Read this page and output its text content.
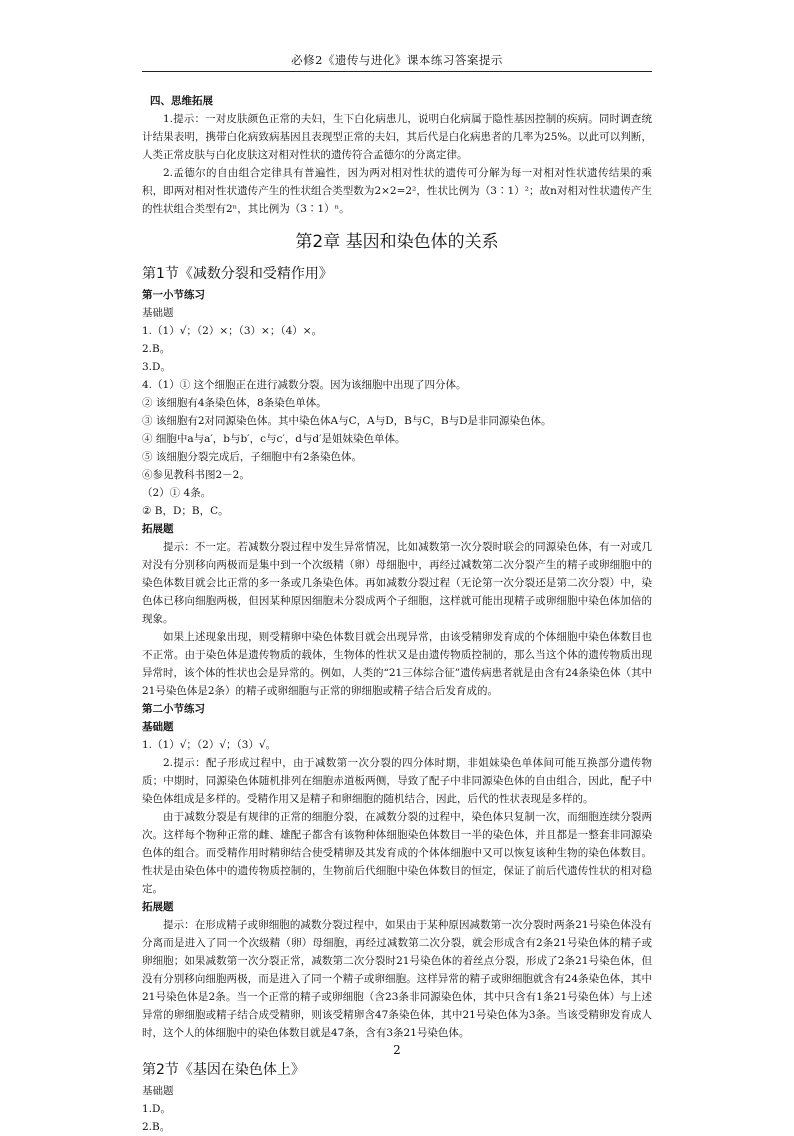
必修2《遗传与进化》课本练习答案提示

四、思维拓展

1.提示：一对皮肤颜色正常的夫妇，生下白化病患儿，说明白化病属于隐性基因控制的疾病。同时调查统计结果表明，携带白化病致病基因且表现型正常的夫妇，其后代是白化病患者的几率为25%。以此可以判断，人类正常皮肤与白化皮肤这对相对性状的遗传符合孟德尔的分离定律。

2.孟德尔的自由组合定律具有普遍性，因为两对相对性状的遗传可分解为每一对相对性状遗传结果的乘积，即两对相对性状遗传产生的性状组合类型数为2×2=2²，性状比例为（3∶1）²；故n对相对性状遗传产生的性状组合类型有2ⁿ，其比例为（3∶1）ⁿ。

第2章 基因和染色体的关系
第1节《减数分裂和受精作用》

第一小节练习

基础题

1.（1）√；（2）×；（3）×；（4）×。

2.B。

3.D。

4.（1）① 这个细胞正在进行减数分裂。因为该细胞中出现了四分体。

② 该细胞有4条染色体，8条染色单体。

③ 该细胞有2对同源染色体。其中染色体A与C，A与D，B与C，B与D是非同源染色体。

④ 细胞中a与a′，b与b′，c与c′，d与d′是姐妹染色单体。

⑤ 该细胞分裂完成后，子细胞中有2条染色体。

⑥参见教科书图2－2。

（2）① 4条。

② B，D；B，C。

拓展题

提示：不一定。若减数分裂过程中发生异常情况，比如减数第一次分裂时联会的同源染色体，有一对或几对没有分别移向两极而是集中到一个次级精（卵）母细胞中，再经过减数第二次分裂产生的精子或卵细胞中的染色体数目就会比正常的多一条或几条染色体。再如减数分裂过程（无论第一次分裂还是第二次分裂）中，染色体已移向细胞两极，但因某种原因细胞未分裂成两个子细胞，这样就可能出现精子或卵细胞中染色体加倍的现象。

如果上述现象出现，则受精卵中染色体数目就会出现异常，由该受精卵发育成的个体细胞中染色体数目也不正常。由于染色体是遗传物质的载体，生物体的性状又是由遗传物质控制的，那么当这个体的遗传物质出现异常时，该个体的性状也会是异常的。例如，人类的“21三体综合征”遗传病患者就是由含有24条染色体（其中21号染色体是2条）的精子或卵细胞与正常的卵细胞或精子结合后发育成的。

第二小节练习

基础题

1.（1）√；（2）√；（3）√。

2.提示：配子形成过程中，由于减数第一次分裂的四分体时期，非姐妹染色单体间可能互换部分遗传物质；中期时，同源染色体随机排列在细胞赤道板两侧，导致了配子中非同源染色体的自由组合，因此，配子中染色体组成是多样的。受精作用又是精子和卵细胞的随机结合，因此，后代的性状表现是多样的。

由于减数分裂是有规律的正常的细胞分裂，在减数分裂的过程中，染色体只复制一次，而细胞连续分裂两次。这样每个物种正常的雌、雄配子都含有该物种体细胞染色体数目一半的染色体，并且都是一整套非同源染色体的组合。而受精作用时精卵结合使受精卵及其发育成的个体体细胞中又可以恢复该种生物的染色体数目。性状是由染色体中的遗传物质控制的，生物前后代细胞中染色体数目的恒定，保证了前后代遗传性状的相对稳定。

拓展题

提示：在形成精子或卵细胞的减数分裂过程中，如果由于某种原因减数第一次分裂时两条21号染色体没有分离而是进入了同一个次级精（卵）母细胞，再经过减数第二次分裂，就会形成含有2条21号染色体的精子或卵细胞；如果减数第一次分裂正常，减数第二次分裂时21号染色体的着丝点分裂，形成了2条21号染色体，但没有分别移向细胞两极，而是进入了同一个精子或卵细胞。这样异常的精子或卵细胞就含有24条染色体，其中21号染色体是2条。当一个正常的精子或卵细胞（含23条非同源染色体，其中只含有1条21号染色体）与上述异常的卵细胞或精子结合成受精卵，则该受精卵含47条染色体，其中21号染色体为3条。当该受精卵发育成人时，这个人的体细胞中的染色体数目就是47条，含有3条21号染色体。

第2节《基因在染色体上》

基础题

1.D。

2.B。

2
